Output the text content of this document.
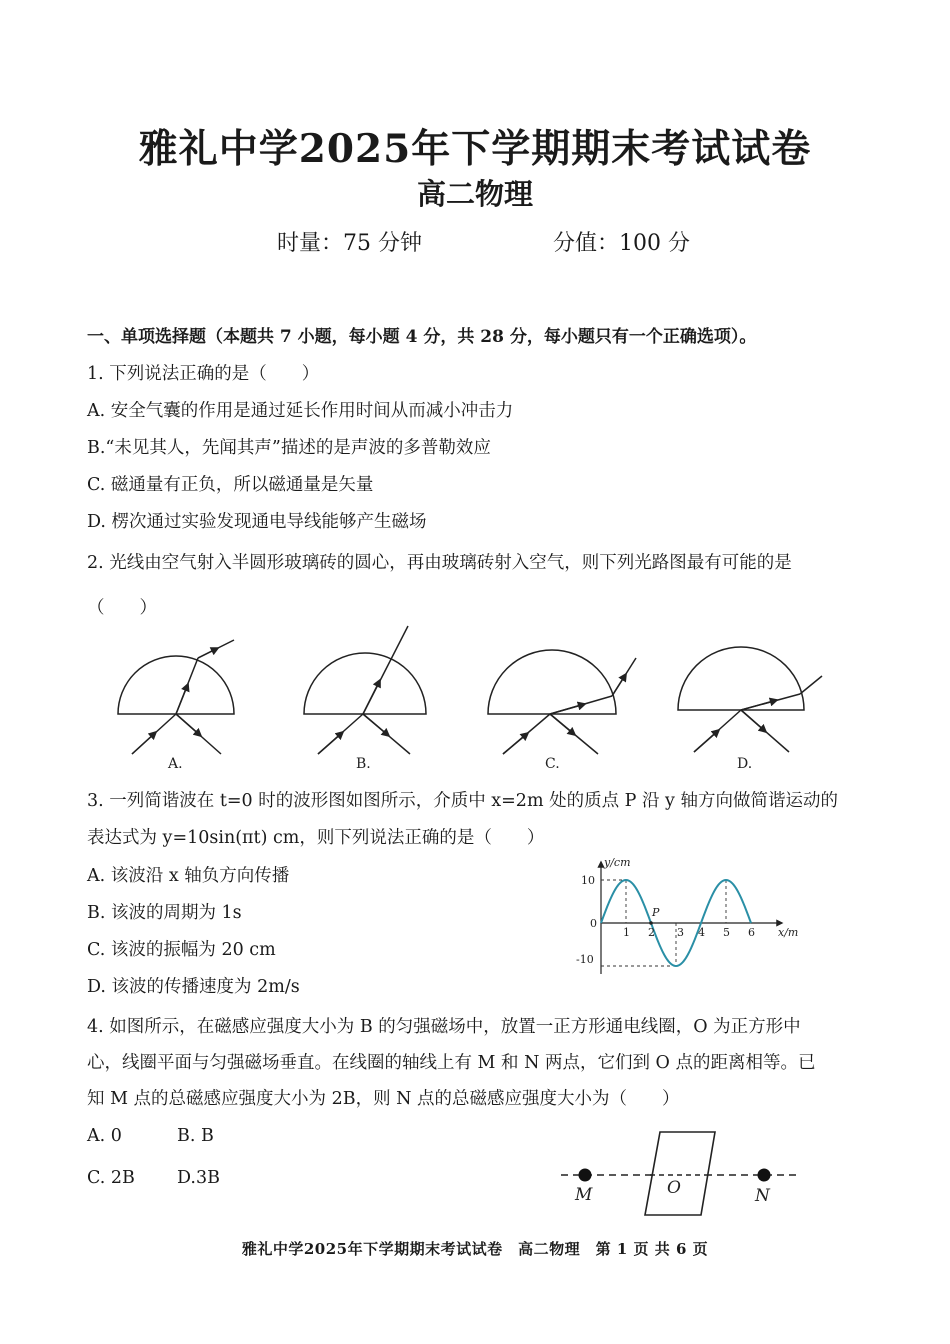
雅礼中学2025年下学期期末考试试卷
高二物理
时量：75 分钟	分值：100 分
一、单项选择题（本题共 7 小题，每小题 4 分，共 28 分，每小题只有一个正确选项）。
1. 下列说法正确的是（　　）
A. 安全气囊的作用是通过延长作用时间从而减小冲击力
B.“未见其人，先闻其声”描述的是声波的多普勒效应
C. 磁通量有正负，所以磁通量是矢量
D. 楞次通过实验发现通电导线能够产生磁场
2. 光线由空气射入半圆形玻璃砖的圆心，再由玻璃砖射入空气，则下列光路图最有可能的是
（　　）
A.	B.	C.	D.
3. 一列简谐波在 t=0 时的波形图如图所示，介质中 x=2m 处的质点 P 沿 y 轴方向做简谐运动的
表达式为 y=10sin(πt) cm，则下列说法正确的是（　　）
A. 该波沿 x 轴负方向传播
B. 该波的周期为 1s
C. 该波的振幅为 20 cm
D. 该波的传播速度为 2m/s
y/cm
x/m
P
10
0
-10
1 2 3 4 5 6
4. 如图所示，在磁感应强度大小为 B 的匀强磁场中，放置一正方形通电线圈，O 为正方形中
心，线圈平面与匀强磁场垂直。在线圈的轴线上有 M 和 N 两点，它们到 O 点的距离相等。已
知 M 点的总磁感应强度大小为 2B，则 N 点的总磁感应强度大小为（　　）
A. 0	B. B
C. 2B D.3B
M	O	N
雅礼中学2025年下学期期末考试试卷　高二物理　第 1 页 共 6 页
